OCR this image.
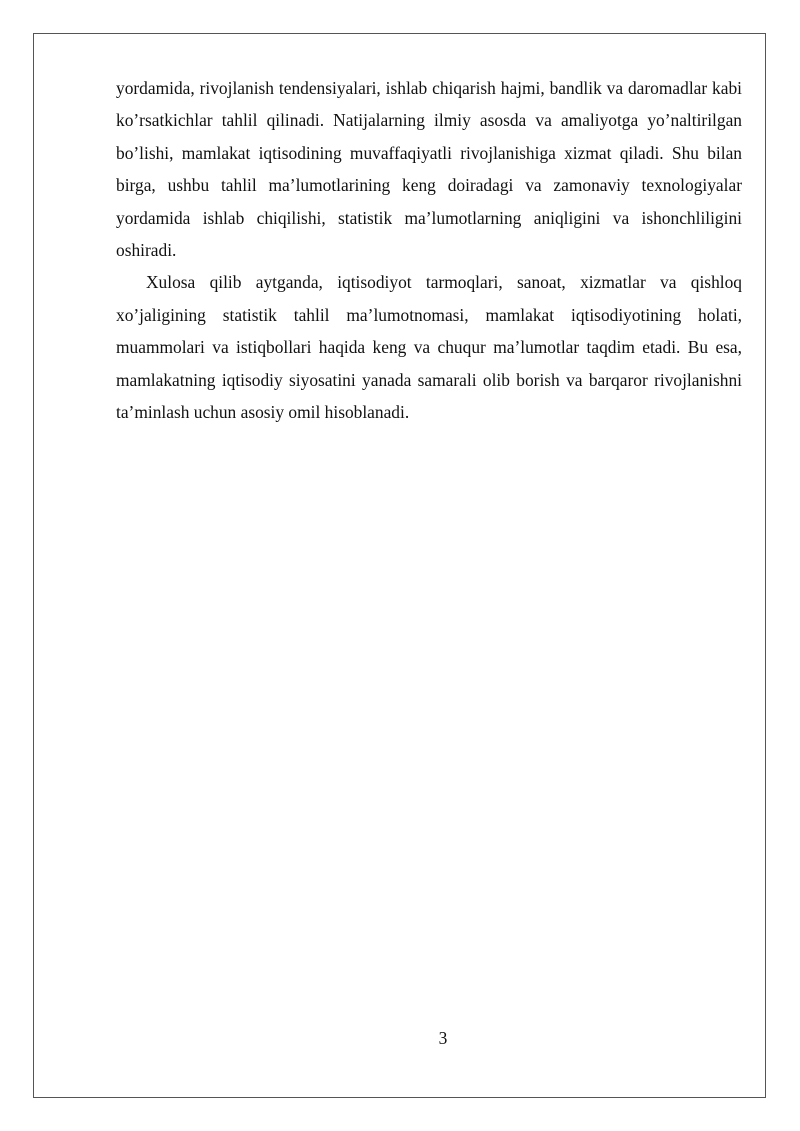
yordamida, rivojlanish tendensiyalari, ishlab chiqarish hajmi, bandlik va daromadlar kabi ko’rsatkichlar tahlil qilinadi. Natijalarning ilmiy asosda va amaliyotga yo’naltirilgan bo’lishi, mamlakat iqtisodining muvaffaqiyatli rivojlanishiga xizmat qiladi. Shu bilan birga, ushbu tahlil ma’lumotlarining keng doiradagi va zamonaviy texnologiyalar yordamida ishlab chiqilishi, statistik ma’lumotlarning aniqligini va ishonchliligini oshiradi.

Xulosa qilib aytganda, iqtisodiyot tarmoqlari, sanoat, xizmatlar va qishloq xo’jaligining statistik tahlil ma’lumotnomasi, mamlakat iqtisodiyotining holati, muammolari va istiqbollari haqida keng va chuqur ma’lumotlar taqdim etadi. Bu esa, mamlakatning iqtisodiy siyosatini yanada samarali olib borish va barqaror rivojlanishni ta’minlash uchun asosiy omil hisoblanadi.

3
